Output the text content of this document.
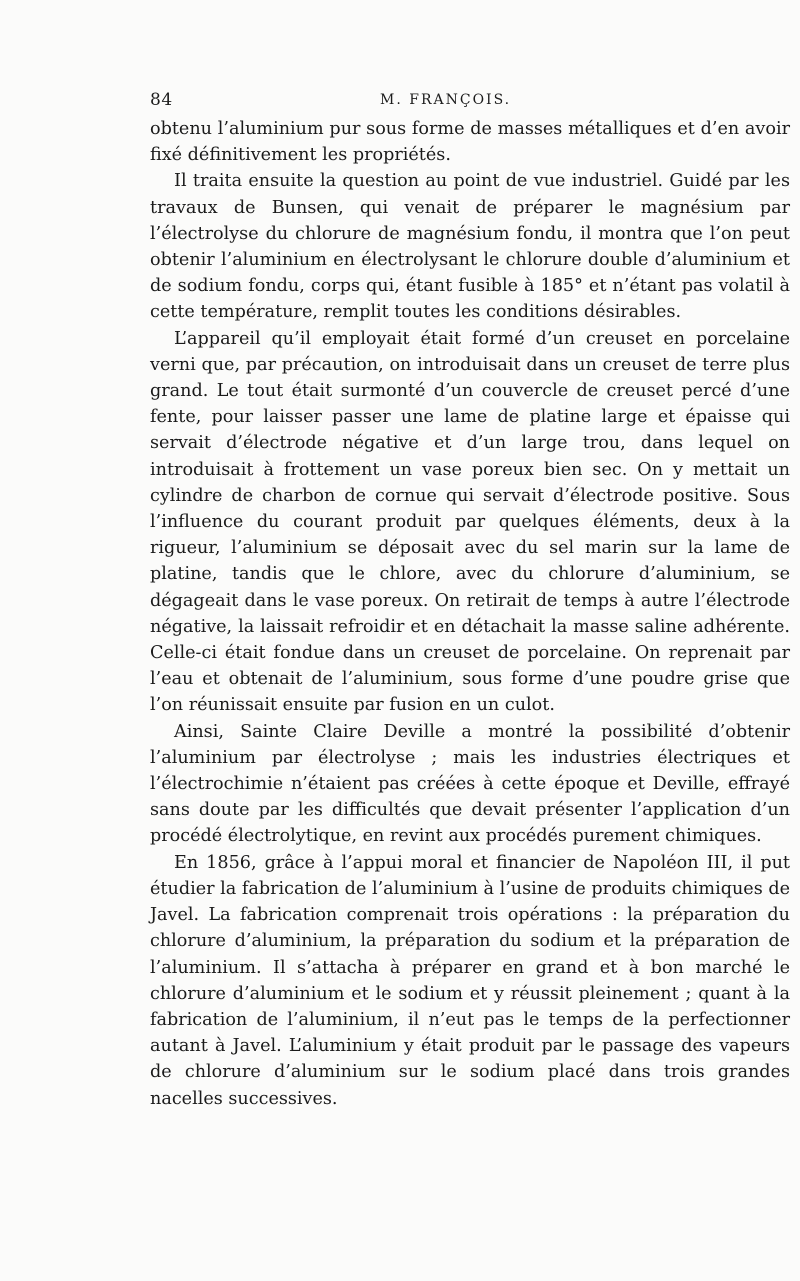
84	M. FRANÇOIS.

obtenu l’aluminium pur sous forme de masses métalliques et d’en avoir fixé définitivement les propriétés.

Il traita ensuite la question au point de vue industriel. Guidé par les travaux de Bunsen, qui venait de préparer le magnésium par l’électrolyse du chlorure de magnésium fondu, il montra que l’on peut obtenir l’aluminium en électrolysant le chlorure double d’aluminium et de sodium fondu, corps qui, étant fusible à 185° et n’étant pas volatil à cette température, remplit toutes les conditions désirables.

L’appareil qu’il employait était formé d’un creuset en porcelaine verni que, par précaution, on introduisait dans un creuset de terre plus grand. Le tout était surmonté d’un couvercle de creuset percé d’une fente, pour laisser passer une lame de platine large et épaisse qui servait d’électrode négative et d’un large trou, dans lequel on introduisait à frottement un vase poreux bien sec. On y mettait un cylindre de charbon de cornue qui servait d’électrode positive. Sous l’influence du courant produit par quelques éléments, deux à la rigueur, l’aluminium se déposait avec du sel marin sur la lame de platine, tandis que le chlore, avec du chlorure d’aluminium, se dégageait dans le vase poreux. On retirait de temps à autre l’électrode négative, la laissait refroidir et en détachait la masse saline adhérente. Celle-ci était fondue dans un creuset de porcelaine. On reprenait par l’eau et obtenait de l’aluminium, sous forme d’une poudre grise que l’on réunissait ensuite par fusion en un culot.

Ainsi, Sainte Claire Deville a montré la possibilité d’obtenir l’aluminium par électrolyse ; mais les industries électriques et l’électrochimie n’étaient pas créées à cette époque et Deville, effrayé sans doute par les difficultés que devait présenter l’application d’un procédé électrolytique, en revint aux procédés purement chimiques.

En 1856, grâce à l’appui moral et financier de Napoléon III, il put étudier la fabrication de l’aluminium à l’usine de produits chimiques de Javel. La fabrication comprenait trois opérations : la préparation du chlorure d’aluminium, la préparation du sodium et la préparation de l’aluminium. Il s’attacha à préparer en grand et à bon marché le chlorure d’aluminium et le sodium et y réussit pleinement ; quant à la fabrication de l’aluminium, il n’eut pas le temps de la perfectionner autant à Javel. L’aluminium y était produit par le passage des vapeurs de chlorure d’aluminium sur le sodium placé dans trois grandes nacelles successives.
